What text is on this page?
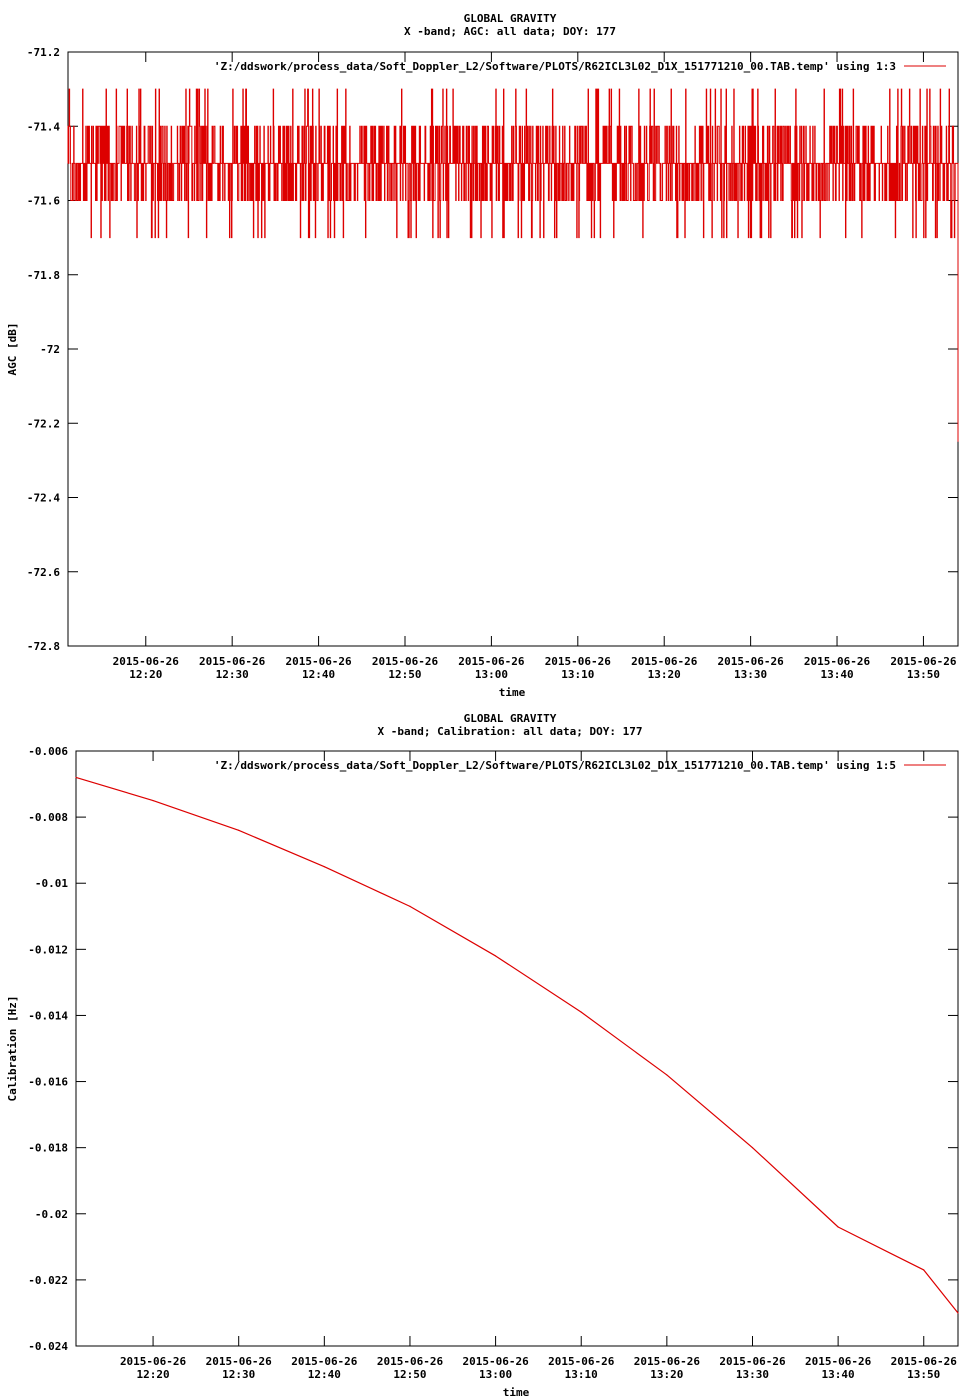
GLOBAL GRAVITY
X -band; AGC: all data; DOY: 177
-71.2
-71.4
-71.6
-71.8
-72
-72.2
-72.4
-72.6
-72.8
2015-06-26
12:20
2015-06-26
12:30
2015-06-26
12:40
2015-06-26
12:50
2015-06-26
13:00
2015-06-26
13:10
2015-06-26
13:20
2015-06-26
13:30
2015-06-26
13:40
2015-06-26
13:50
time
AGC [dB]
'Z:/ddswork/process_data/Soft_Doppler_L2/Software/PLOTS/R62ICL3L02_D1X_151771210_00.TAB.temp' using 1:3
GLOBAL GRAVITY
X -band; Calibration: all data; DOY: 177
-0.006
-0.008
-0.01
-0.012
-0.014
-0.016
-0.018
-0.02
-0.022
-0.024
2015-06-26
12:20
2015-06-26
12:30
2015-06-26
12:40
2015-06-26
12:50
2015-06-26
13:00
2015-06-26
13:10
2015-06-26
13:20
2015-06-26
13:30
2015-06-26
13:40
2015-06-26
13:50
time
Calibration [Hz]
'Z:/ddswork/process_data/Soft_Doppler_L2/Software/PLOTS/R62ICL3L02_D1X_151771210_00.TAB.temp' using 1:5
